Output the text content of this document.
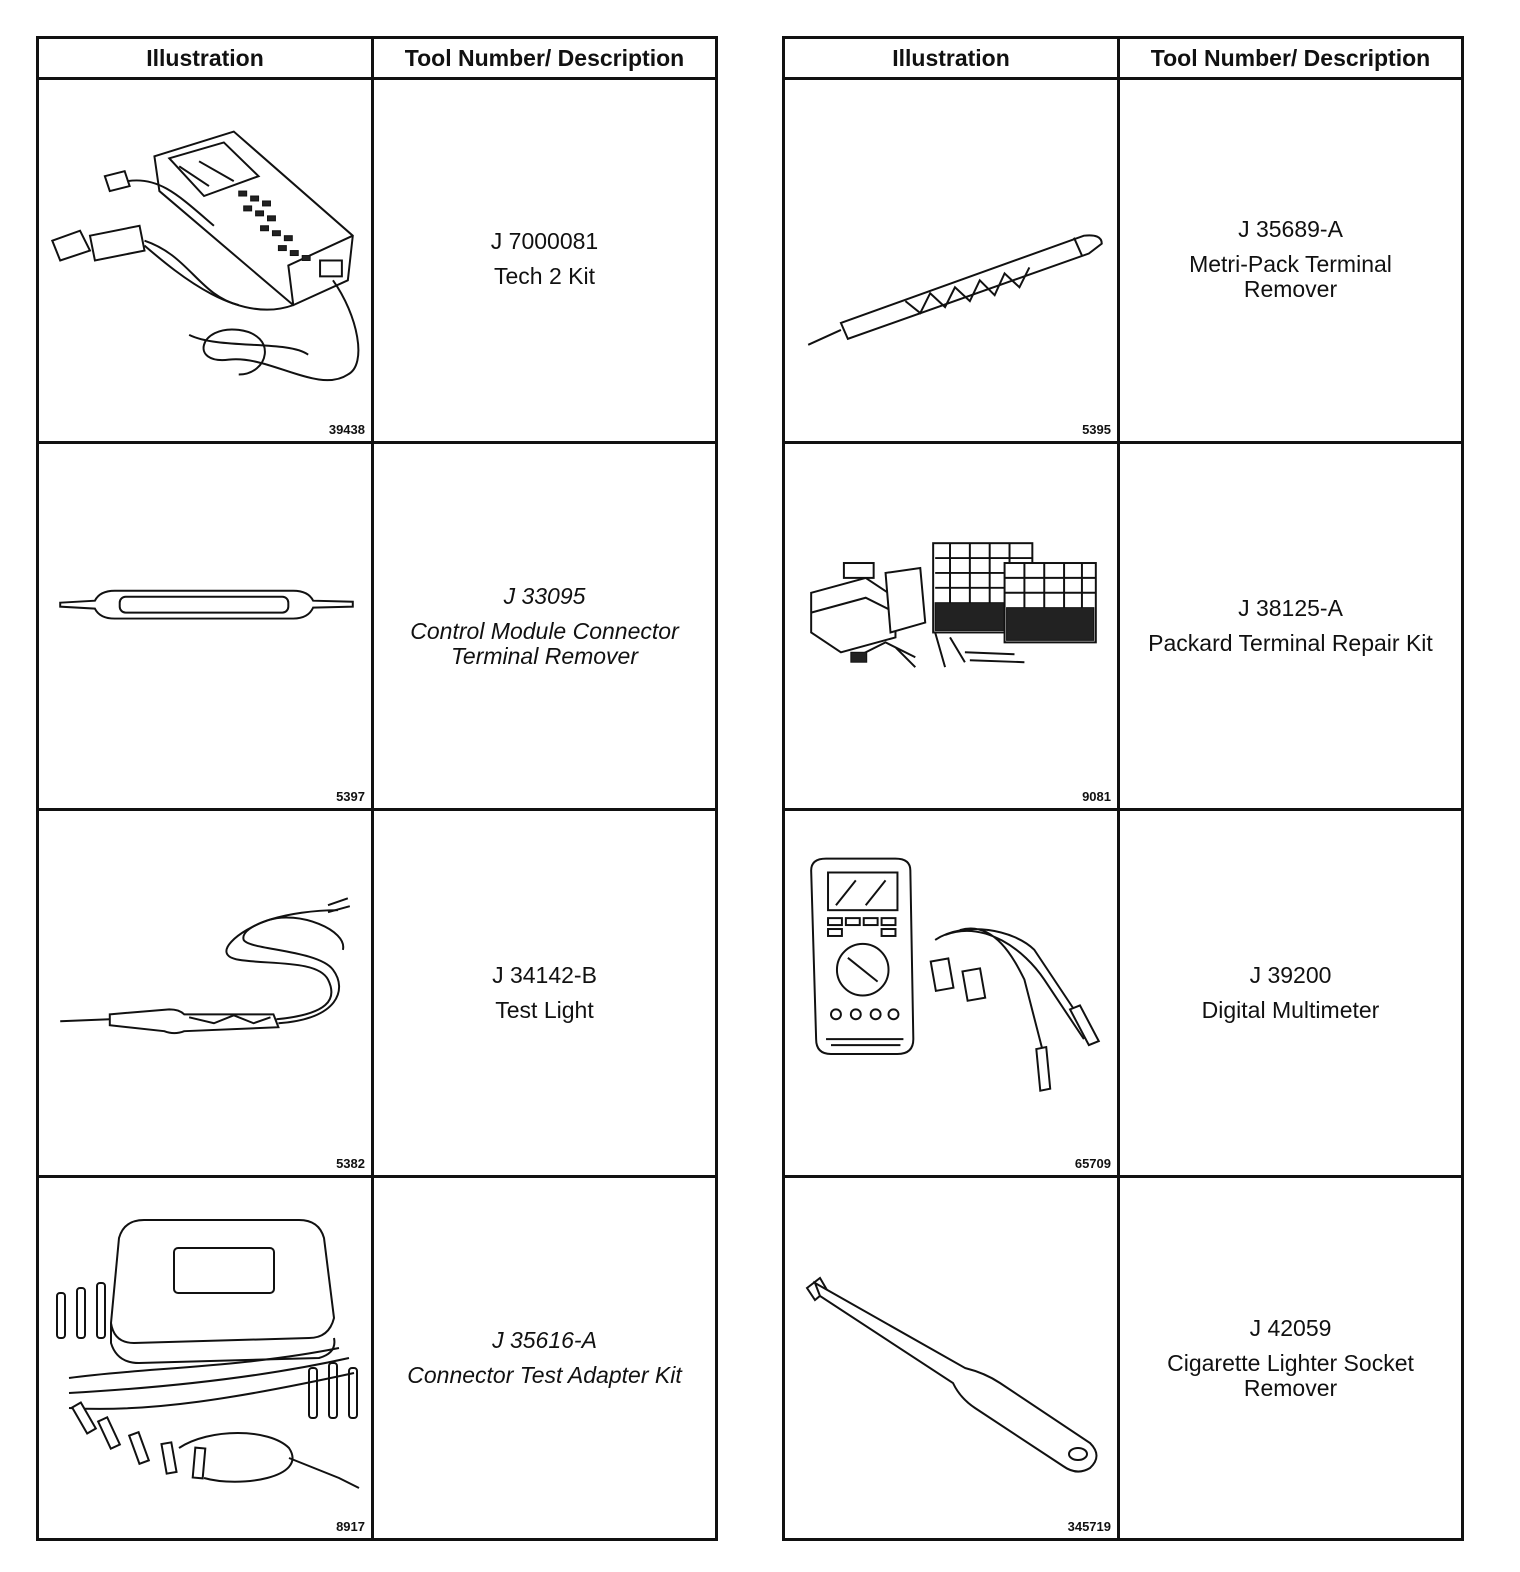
Illustration	Tool Number/ Description
39438
J 7000081
Tech 2 Kit
5397
J 33095
Control Module Connector
Terminal Remover
5382
J 34142-B
Test Light
8917
J 35616-A
Connector Test Adapter Kit
Illustration	Tool Number/ Description
5395
J 35689-A
Metri-Pack Terminal
Remover
9081
J 38125-A
Packard Terminal Repair Kit
65709
J 39200
Digital Multimeter
345719
J 42059
Cigarette Lighter Socket
Remover
